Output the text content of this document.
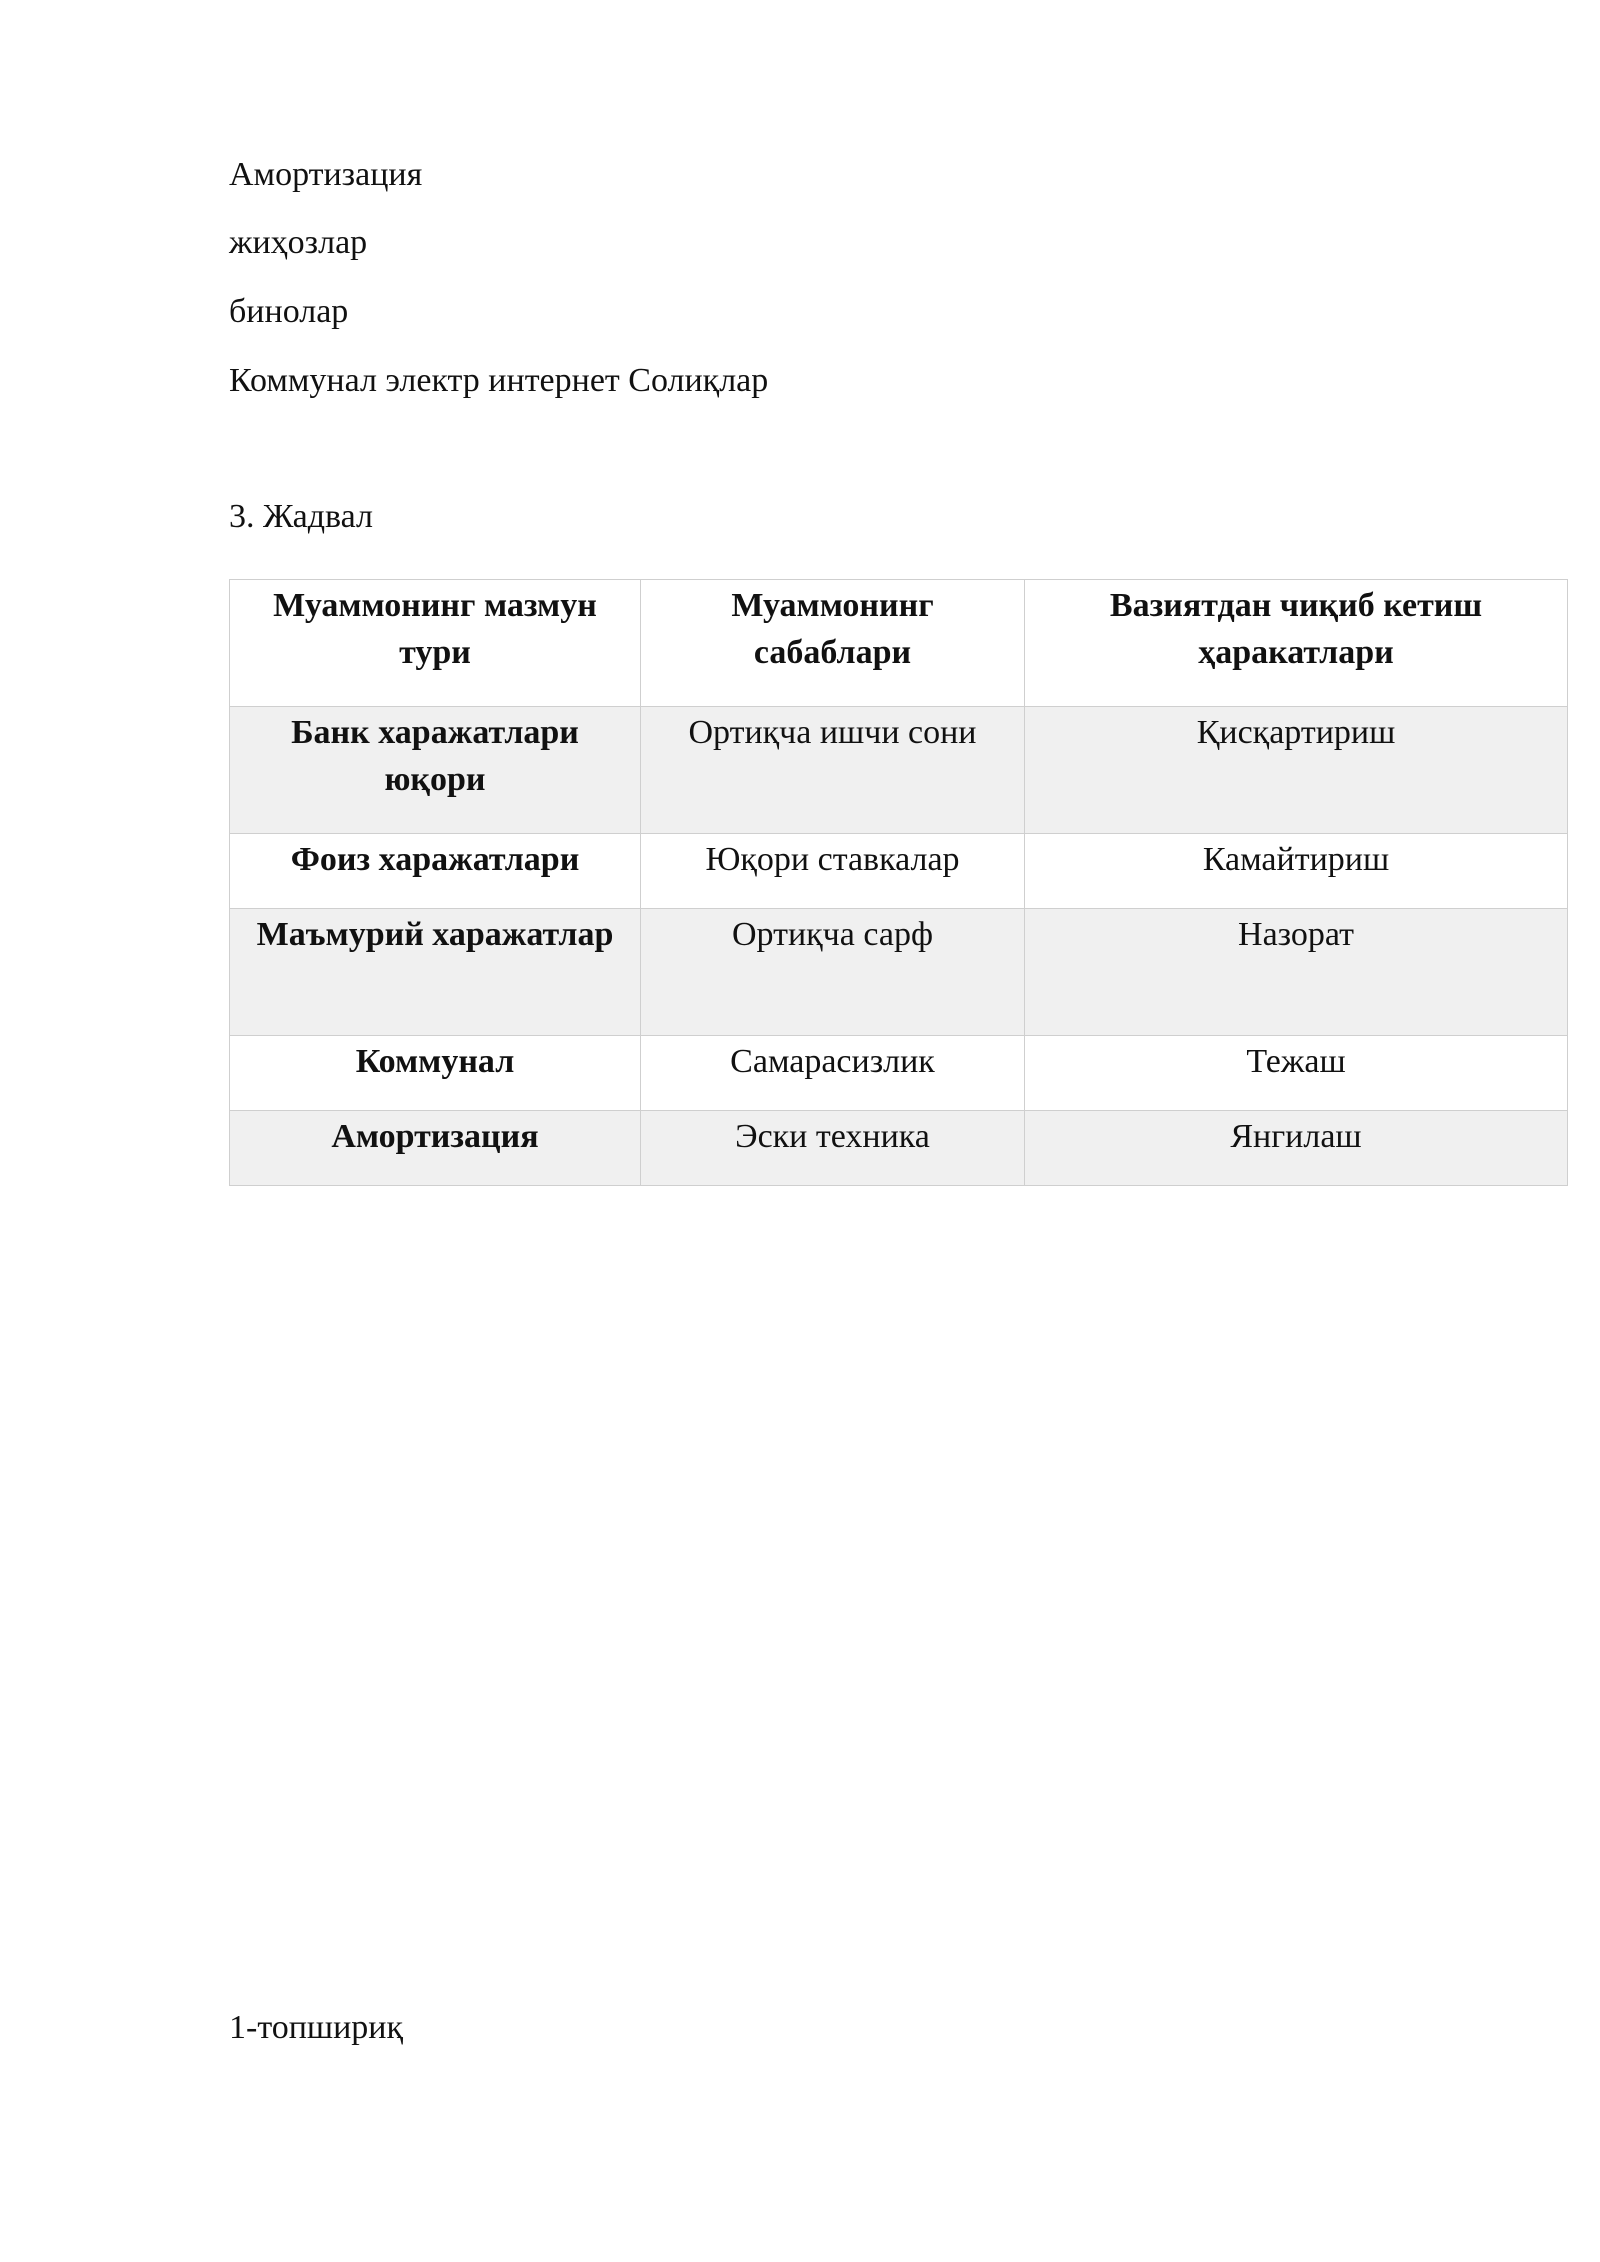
Амортизация
жиҳозлар
бинолар
Коммунал электр интернет Солиқлар
3. Жадвал
Муаммонинг мазмун тури	Муаммонинг сабаблари	Вазиятдан чиқиб кетиш ҳаракатлари
Банк харажатлари юқори	Ортиқча ишчи сони	Қисқартириш
Фоиз харажатлари	Юқори ставкалар	Камайтириш
Маъмурий харажатлар	Ортиқча сарф	Назорат
Коммунал	Самарасизлик	Тежаш
Амортизация	Эски техника	Янгилаш
1-топшириқ
